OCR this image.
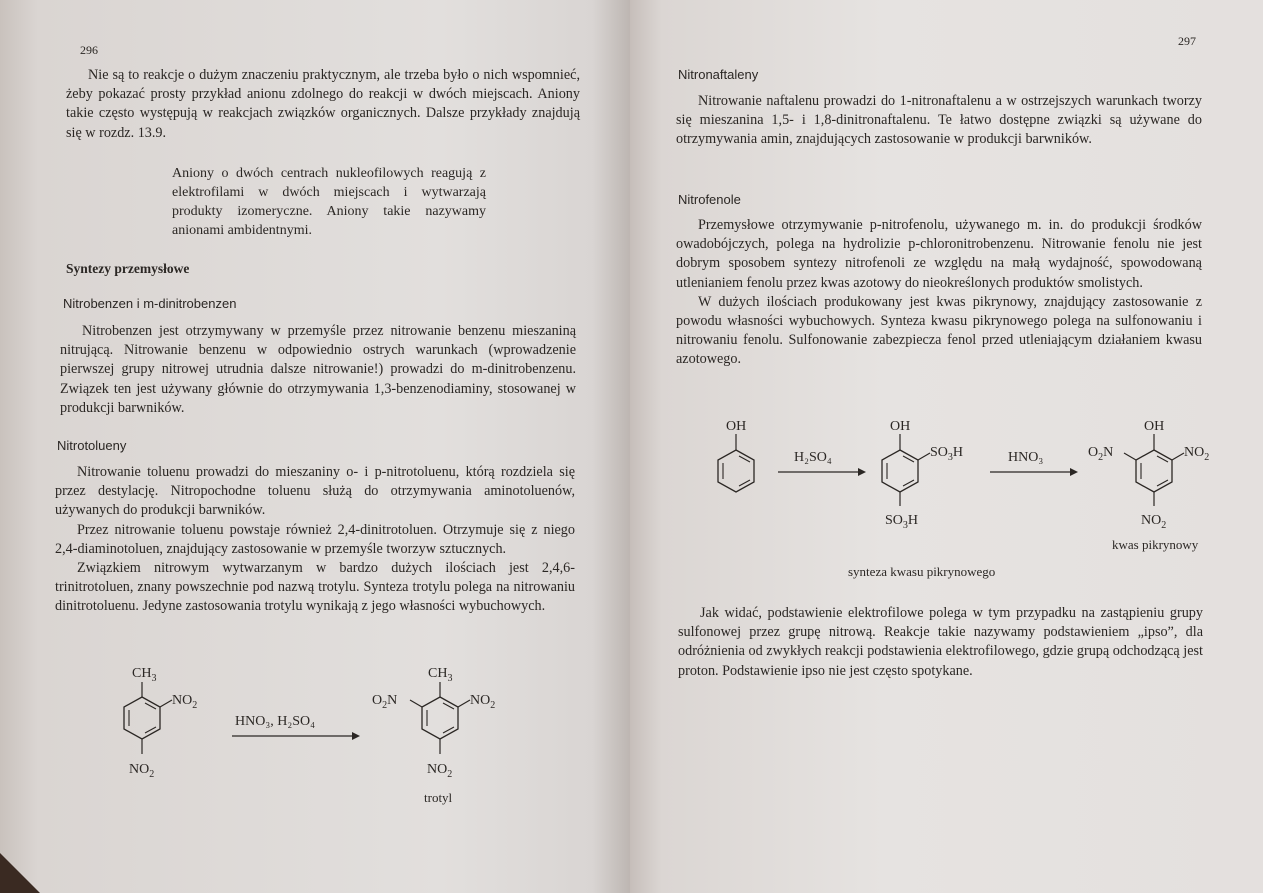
296

Nie są to reakcje o dużym znaczeniu praktycznym, ale trzeba było o nich wspomnieć, żeby pokazać prosty przykład anionu zdolnego do reakcji w dwóch miejscach. Aniony takie często występują w reakcjach związków organicznych. Dalsze przykłady znajdują się w rozdz. 13.9.

Aniony o dwóch centrach nukleofilowych reagują z elektrofilami w dwóch miejscach i wytwarzają produkty izomeryczne. Aniony takie nazywamy anionami ambidentnymi.
Syntezy przemysłowe
Nitrobenzen i m-dinitrobenzen

Nitrobenzen jest otrzymywany w przemyśle przez nitrowanie benzenu mieszaniną nitrującą. Nitrowanie benzenu w odpowiednio ostrych warunkach (wprowadzenie pierwszej grupy nitrowej utrudnia dalsze nitrowanie!) prowadzi do m-dinitrobenzenu. Związek ten jest używany głównie do otrzymywania 1,3-benzenodiaminy, stosowanej w produkcji barwników.

Nitrotolueny

Nitrowanie toluenu prowadzi do mieszaniny o- i p-nitrotoluenu, którą rozdziela się przez destylację. Nitropochodne toluenu służą do otrzymywania aminotoluenów, używanych do produkcji barwników.

Przez nitrowanie toluenu powstaje również 2,4-dinitrotoluen. Otrzymuje się z niego 2,4-diaminotoluen, znajdujący zastosowanie w przemyśle tworzyw sztucznych.

Związkiem nitrowym wytwarzanym w bardzo dużych ilościach jest 2,4,6-trinitrotoluen, znany powszechnie pod nazwą trotylu. Synteza trotylu polega na nitrowaniu dinitrotoluenu. Jedyne zastosowania trotylu wynikają z jego własności wybuchowych.

$CH_3$
$NO_2$
$NO_2$
HNO₃, H₂SO₄
$CH_3$
$NO_2$
$O_2N$
$NO_2$
trotyl
297
Nitronaftaleny

Nitrowanie naftalenu prowadzi do 1-nitronaftalenu a w ostrzejszych warunkach tworzy się mieszanina 1,5- i 1,8-dinitronaftalenu. Te łatwo dostępne związki są używane do otrzymywania amin, znajdujących zastosowanie w produkcji barwników.

Nitrofenole

Przemysłowe otrzymywanie p-nitrofenolu, używanego m. in. do produkcji środków owadobójczych, polega na hydrolizie p-chloronitrobenzenu. Nitrowanie fenolu nie jest dobrym sposobem syntezy nitrofenoli ze względu na małą wydajność, spowodowaną utlenianiem fenolu przez kwas azotowy do nieokreślonych produktów smolistych.

W dużych ilościach produkowany jest kwas pikrynowy, znajdujący zastosowanie z powodu własności wybuchowych. Synteza kwasu pikrynowego polega na sulfonowaniu i nitrowaniu fenolu. Sulfonowanie zabezpiecza fenol przed utleniającym działaniem kwasu azotowego.

OH
H₂SO₄
OH
$SO_3H$
$SO_3H$
HNO₃
OH
$NO_2$
$O_2N$
$NO_2$
kwas pikrynowy
synteza kwasu pikrynowego

Jak widać, podstawienie elektrofilowe polega w tym przypadku na zastąpieniu grupy sulfonowej przez grupę nitrową. Reakcje takie nazywamy podstawieniem „ipso”, dla odróżnienia od zwykłych reakcji podstawienia elektrofilowego, gdzie grupą odchodzącą jest proton. Podstawienie ipso nie jest często spotykane.
